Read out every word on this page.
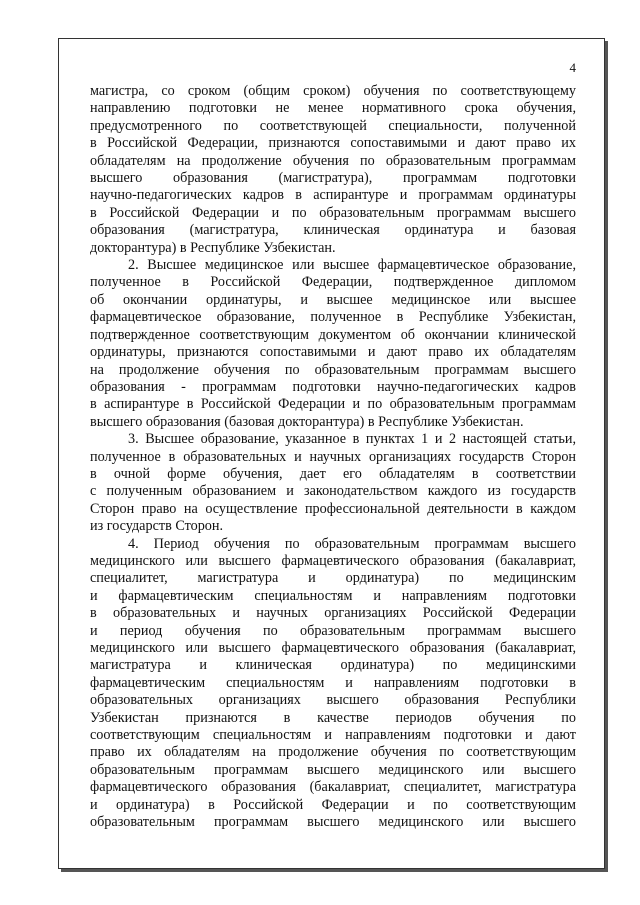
4
магистра, со сроком (общим сроком) обучения по соответствующему
направлению подготовки не менее нормативного срока обучения,
предусмотренного по соответствующей специальности, полученной
в Российской Федерации, признаются сопоставимыми и дают право их
обладателям на продолжение обучения по образовательным программам
высшего образования (магистратура), программам подготовки
научно-педагогических кадров в аспирантуре и программам ординатуры
в Российской Федерации и по образовательным программам высшего
образования (магистратура, клиническая ординатура и базовая
докторантура) в Республике Узбекистан.
2. Высшее медицинское или высшее фармацевтическое образование,
полученное в Российской Федерации, подтвержденное дипломом
об окончании ординатуры, и высшее медицинское или высшее
фармацевтическое образование, полученное в Республике Узбекистан,
подтвержденное соответствующим документом об окончании клинической
ординатуры, признаются сопоставимыми и дают право их обладателям
на продолжение обучения по образовательным программам высшего
образования - программам подготовки научно-педагогических кадров
в аспирантуре в Российской Федерации и по образовательным программам
высшего образования (базовая докторантура) в Республике Узбекистан.
3. Высшее образование, указанное в пунктах 1 и 2 настоящей статьи,
полученное в образовательных и научных организациях государств Сторон
в очной форме обучения, дает его обладателям в соответствии
с полученным образованием и законодательством каждого из государств
Сторон право на осуществление профессиональной деятельности в каждом
из государств Сторон.
4. Период обучения по образовательным программам высшего
медицинского или высшего фармацевтического образования (бакалавриат,
специалитет, магистратура и ординатура) по медицинским
и фармацевтическим специальностям и направлениям подготовки
в образовательных и научных организациях Российской Федерации
и период обучения по образовательным программам высшего
медицинского или высшего фармацевтического образования (бакалавриат,
магистратура и клиническая ординатура) по медицинскими
фармацевтическим специальностям и направлениям подготовки в
образовательных организациях высшего образования Республики
Узбекистан признаются в качестве периодов обучения по
соответствующим специальностям и направлениям подготовки и дают
право их обладателям на продолжение обучения по соответствующим
образовательным программам высшего медицинского или высшего
фармацевтического образования (бакалавриат, специалитет, магистратура
и ординатура) в Российской Федерации и по соответствующим
образовательным программам высшего медицинского или высшего
